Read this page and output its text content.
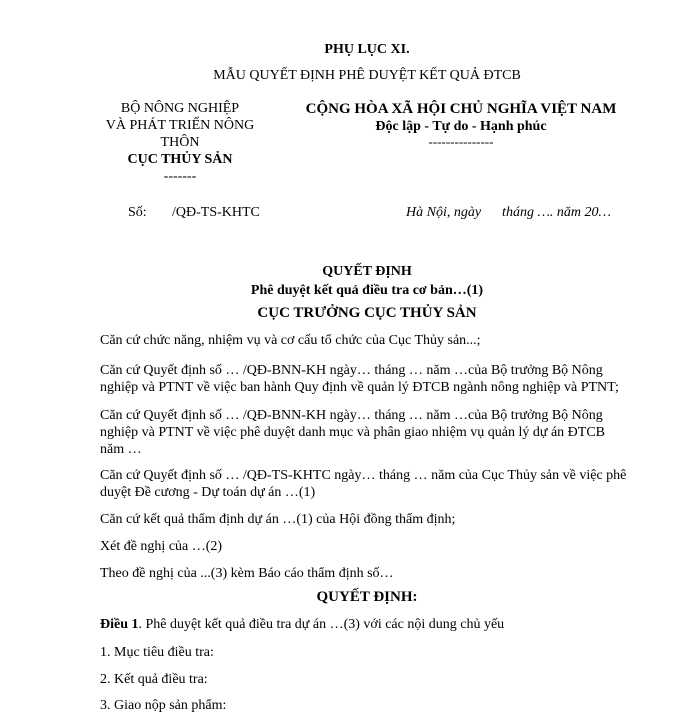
PHỤ LỤC XI.
MẪU QUYẾT ĐỊNH PHÊ DUYỆT KẾT QUẢ ĐTCB
BỘ NÔNG NGHIỆP
VÀ PHÁT TRIỂN NÔNG
THÔN
CỤC THỦY SẢN
-------
CỘNG HÒA XÃ HỘI CHỦ NGHĨA VIỆT NAM
Độc lập - Tự do - Hạnh phúc
---------------
Số: /QĐ-TS-KHTC	Hà Nội, ngày      tháng …. năm 20…
QUYẾT ĐỊNH
Phê duyệt kết quả điều tra cơ bản…(1)
CỤC TRƯỞNG CỤC THỦY SẢN
Căn cứ chức năng, nhiệm vụ và cơ cấu tổ chức của Cục Thủy sản...;
Căn cứ Quyết định số … /QĐ-BNN-KH ngày… tháng … năm …của Bộ trưởng Bộ Nông
nghiệp và PTNT về việc ban hành Quy định về quản lý ĐTCB ngành nông nghiệp và PTNT;
Căn cứ Quyết định số … /QĐ-BNN-KH ngày… tháng … năm …của Bộ trưởng Bộ Nông
nghiệp và PTNT về việc phê duyệt danh mục và phân giao nhiệm vụ quản lý dự án ĐTCB
năm …
Căn cứ Quyết định số … /QĐ-TS-KHTC ngày… tháng … năm của Cục Thủy sản về việc phê
duyệt Đề cương - Dự toán dự án …(1)
Căn cứ kết quả thẩm định dự án …(1) của Hội đồng thẩm định;
Xét đề nghị của …(2)
Theo đề nghị của ...(3) kèm Báo cáo thẩm định số…
QUYẾT ĐỊNH:
Điều 1. Phê duyệt kết quả điều tra dự án …(3) với các nội dung chủ yếu
1. Mục tiêu điều tra:
2. Kết quả điều tra:
3. Giao nộp sản phẩm:
